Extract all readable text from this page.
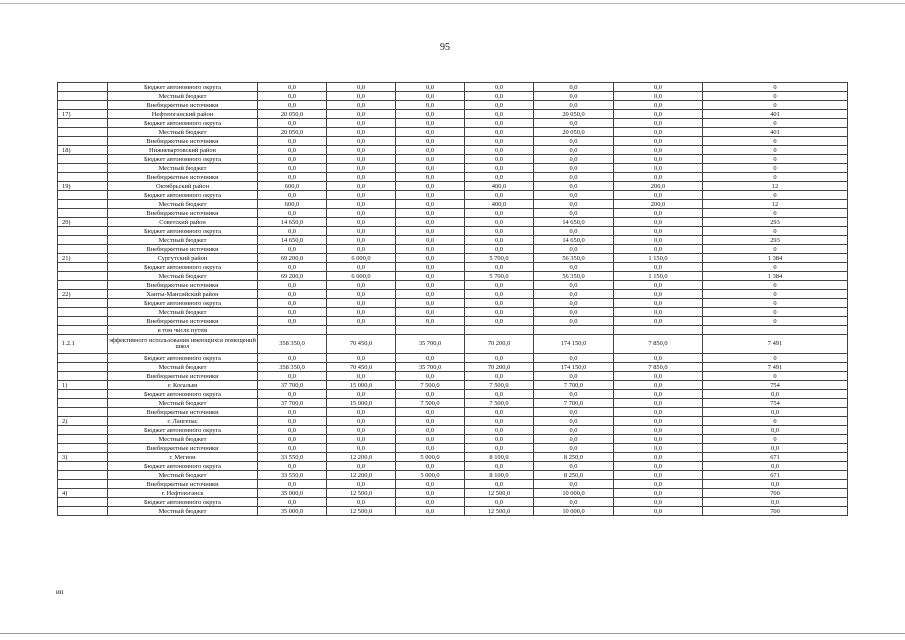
95
	Бюджет автономного округа	0,0	0,0	0,0	0,0	0,0	0,0	0
	Местный бюджет	0,0	0,0	0,0	0,0	0,0	0,0	0
	Внебюджетные источники	0,0	0,0	0,0	0,0	0,0	0,0	0
17)	Нефтеюганский район	20 050,0	0,0	0,0	0,0	20 050,0	0,0	401
	Бюджет автономного округа	0,0	0,0	0,0	0,0	0,0	0,0	0
	Местный бюджет	20 050,0	0,0	0,0	0,0	20 050,0	0,0	401
	Внебюджетные источники	0,0	0,0	0,0	0,0	0,0	0,0	0
18)	Нижневартовский район	0,0	0,0	0,0	0,0	0,0	0,0	0
	Бюджет автономного округа	0,0	0,0	0,0	0,0	0,0	0,0	0
	Местный бюджет	0,0	0,0	0,0	0,0	0,0	0,0	0
	Внебюджетные источники	0,0	0,0	0,0	0,0	0,0	0,0	0
19)	Октябрьский район	600,0	0,0	0,0	400,0	0,0	200,0	12
	Бюджет автономного округа	0,0	0,0	0,0	0,0	0,0	0,0	0
	Местный бюджет	600,0	0,0	0,0	400,0	0,0	200,0	12
	Внебюджетные источники	0,0	0,0	0,0	0,0	0,0	0,0	0
20)	Советский район	14 650,0	0,0	0,0	0,0	14 650,0	0,0	293
	Бюджет автономного округа	0,0	0,0	0,0	0,0	0,0	0,0	0
	Местный бюджет	14 650,0	0,0	0,0	0,0	14 650,0	0,0	293
	Внебюджетные источники	0,0	0,0	0,0	0,0	0,0	0,0	0
21)	Сургутский район	69 200,0	6 000,0	0,0	5 700,0	56 350,0	1 150,0	1 384
	Бюджет автономного округа	0,0	0,0	0,0	0,0	0,0	0,0	0
	Местный бюджет	69 200,0	6 000,0	0,0	5 700,0	56 350,0	1 150,0	1 384
	Внебюджетные источники	0,0	0,0	0,0	0,0	0,0	0,0	0
22)	Ханты-Мансийский район	0,0	0,0	0,0	0,0	0,0	0,0	0
	Бюджет автономного округа	0,0	0,0	0,0	0,0	0,0	0,0	0
	Местный бюджет	0,0	0,0	0,0	0,0	0,0	0,0	0
	Внебюджетные источники	0,0	0,0	0,0	0,0	0,0	0,0	0
	в том числе путем							
1.2.1	эффективного использования имеющихся помещений школ	358 350,0	70 450,0	35 700,0	70 200,0	174 150,0	7 850,0	7 491
	Бюджет автономного округа	0,0	0,0	0,0	0,0	0,0	0,0	0
	Местный бюджет	358 350,0	70 450,0	35 700,0	70 200,0	174 150,0	7 850,0	7 491
	Внебюджетные источники	0,0	0,0	0,0	0,0	0,0	0,0	0
1)	г. Когалым	37 700,0	15 000,0	7 500,0	7 500,0	7 700,0	0,0	754
	Бюджет автономного округа	0,0	0,0	0,0	0,0	0,0	0,0	0,0
	Местный бюджет	37 700,0	15 000,0	7 500,0	7 500,0	7 700,0	0,0	754
	Внебюджетные источники	0,0	0,0	0,0	0,0	0,0	0,0	0,0
2)	г. Лангепас	0,0	0,0	0,0	0,0	0,0	0,0	0
	Бюджет автономного округа	0,0	0,0	0,0	0,0	0,0	0,0	0,0
	Местный бюджет	0,0	0,0	0,0	0,0	0,0	0,0	0
	Внебюджетные источники	0,0	0,0	0,0	0,0	0,0	0,0	0,0
3)	г. Мегион	33 550,0	12 200,0	5 000,0	8 100,0	8 250,0	0,0	671
	Бюджет автономного округа	0,0	0,0	0,0	0,0	0,0	0,0	0,0
	Местный бюджет	33 550,0	12 200,0	5 000,0	8 100,0	8 250,0	0,0	671
	Внебюджетные источники	0,0	0,0	0,0	0,0	0,0	0,0	0,0
4)	г. Нефтеюганск	35 000,0	12 500,0	0,0	12 500,0	10 000,0	0,0	700
	Бюджет автономного округа	0,0	0,0	0,0	0,0	0,0	0,0	0,0
	Местный бюджет	35 000,0	12 500,0	0,0	12 500,0	10 000,0	0,0	700
ип
